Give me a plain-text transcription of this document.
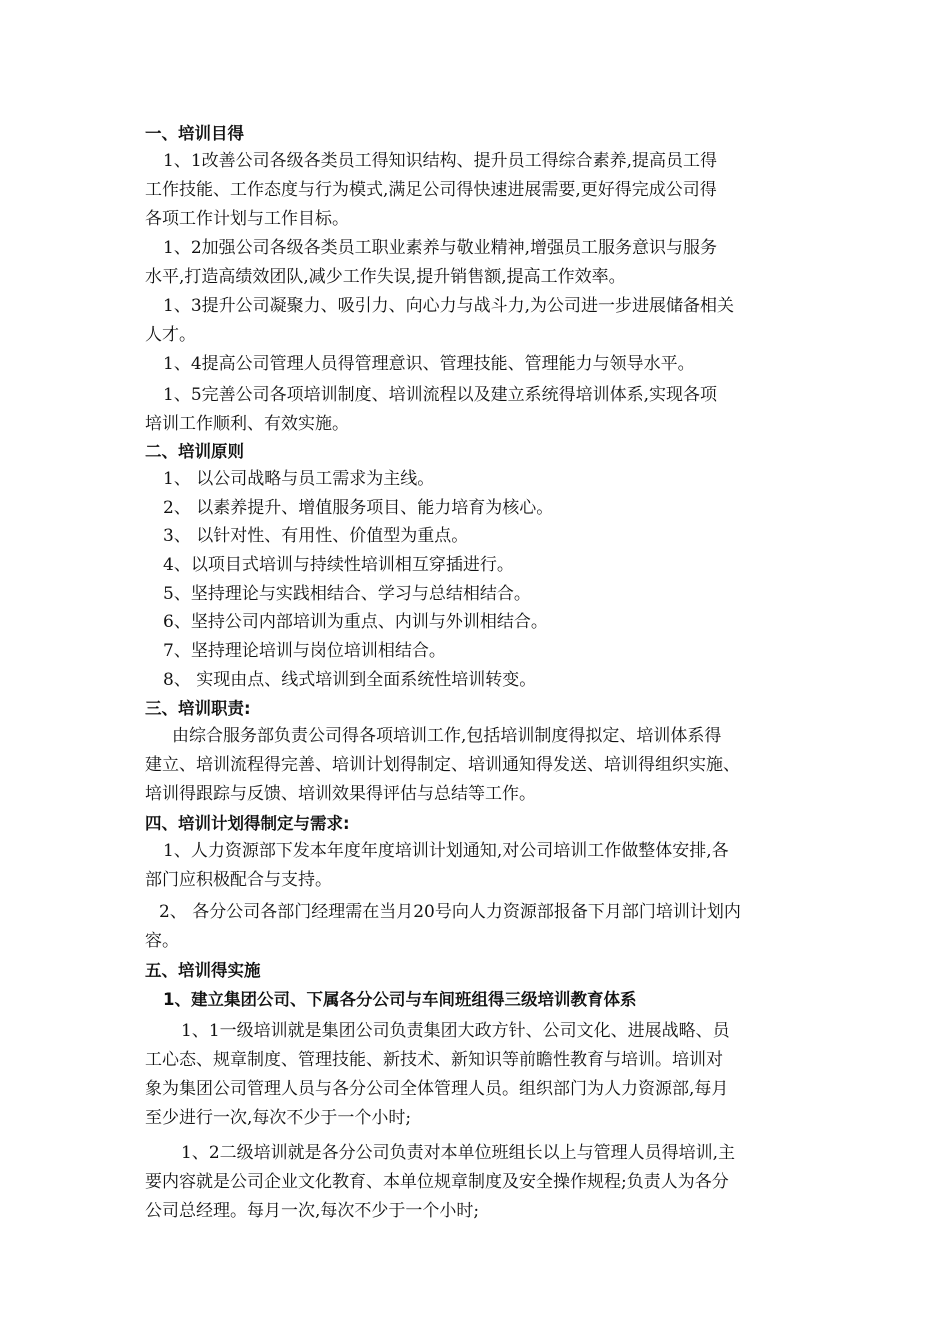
一、培训目得
1、1改善公司各级各类员工得知识结构、提升员工得综合素养,提高员工得
工作技能、工作态度与行为模式,满足公司得快速进展需要,更好得完成公司得
各项工作计划与工作目标。
1、2加强公司各级各类员工职业素养与敬业精神,增强员工服务意识与服务
水平,打造高绩效团队,减少工作失误,提升销售额,提高工作效率。
1、3提升公司凝聚力、吸引力、向心力与战斗力,为公司进一步进展储备相关
人才。
1、4提高公司管理人员得管理意识、管理技能、管理能力与领导水平。
1、5完善公司各项培训制度、培训流程以及建立系统得培训体系,实现各项
培训工作顺利、有效实施。
二、培训原则
1、 以公司战略与员工需求为主线。
2、 以素养提升、增值服务项目、能力培育为核心。
3、 以针对性、有用性、价值型为重点。
4、以项目式培训与持续性培训相互穿插进行。
5、坚持理论与实践相结合、学习与总结相结合。
6、坚持公司内部培训为重点、内训与外训相结合。
7、坚持理论培训与岗位培训相结合。
8、 实现由点、线式培训到全面系统性培训转变。
三、培训职责:
由综合服务部负责公司得各项培训工作,包括培训制度得拟定、培训体系得
建立、培训流程得完善、培训计划得制定、培训通知得发送、培训得组织实施、
培训得跟踪与反馈、培训效果得评估与总结等工作。
四、培训计划得制定与需求:
1、人力资源部下发本年度年度培训计划通知,对公司培训工作做整体安排,各
部门应积极配合与支持。
2、 各分公司各部门经理需在当月20号向人力资源部报备下月部门培训计划内
容。
五、培训得实施
1、建立集团公司、下属各分公司与车间班组得三级培训教育体系
1、1一级培训就是集团公司负责集团大政方针、公司文化、进展战略、员
工心态、规章制度、管理技能、新技术、新知识等前瞻性教育与培训。培训对
象为集团公司管理人员与各分公司全体管理人员。组织部门为人力资源部,每月
至少进行一次,每次不少于一个小时;
1、2二级培训就是各分公司负责对本单位班组长以上与管理人员得培训,主
要内容就是公司企业文化教育、本单位规章制度及安全操作规程;负责人为各分
公司总经理。每月一次,每次不少于一个小时;
